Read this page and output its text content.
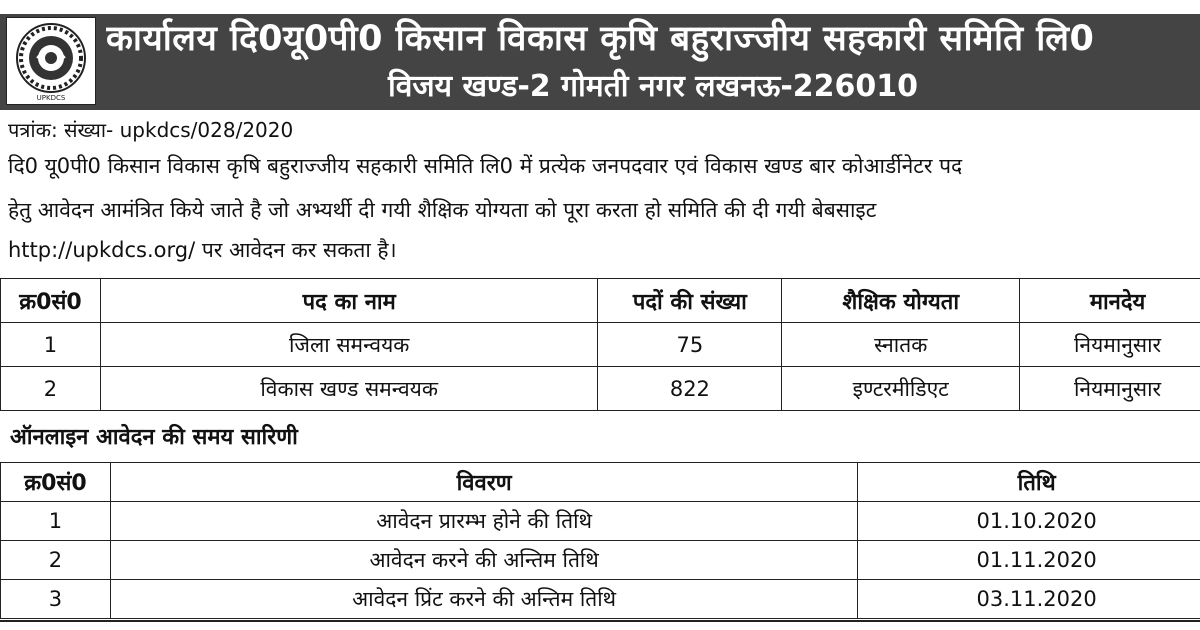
UPKDCS
कार्यालय दि0यू0पी0 किसान विकास कृषि बहुराज्जीय सहकारी समिति लि0
विजय खण्ड-2 गोमती नगर लखनऊ-226010
पत्रांक: संख्या- upkdcs/028/2020
दि0 यू0पी0 किसान विकास कृषि बहुराज्जीय सहकारी समिति लि0 में प्रत्येक जनपदवार एवं विकास खण्ड बार कोआर्डीनेटर पद
हेतु आवेदन आमंत्रित किये जाते है जो अभ्यर्थी दी गयी शैक्षिक योग्यता को पूरा करता हो समिति की दी गयी बेबसाइट
http://upkdcs.org/ पर आवेदन कर सकता है।
क्र0सं0	पद का नाम	पदों की संख्या	शैक्षिक योग्यता	मानदेय
1	जिला समन्वयक	75	स्नातक	नियमानुसार
2	विकास खण्ड समन्वयक	822	इण्टरमीडिएट	नियमानुसार
ऑनलाइन आवेदन की समय सारिणी
क्र0सं0	विवरण	तिथि
1	आवेदन प्रारम्भ होने की तिथि	01.10.2020
2	आवेदन करने की अन्तिम तिथि	01.11.2020
3	आवेदन प्रिंट करने की अन्तिम तिथि	03.11.2020
